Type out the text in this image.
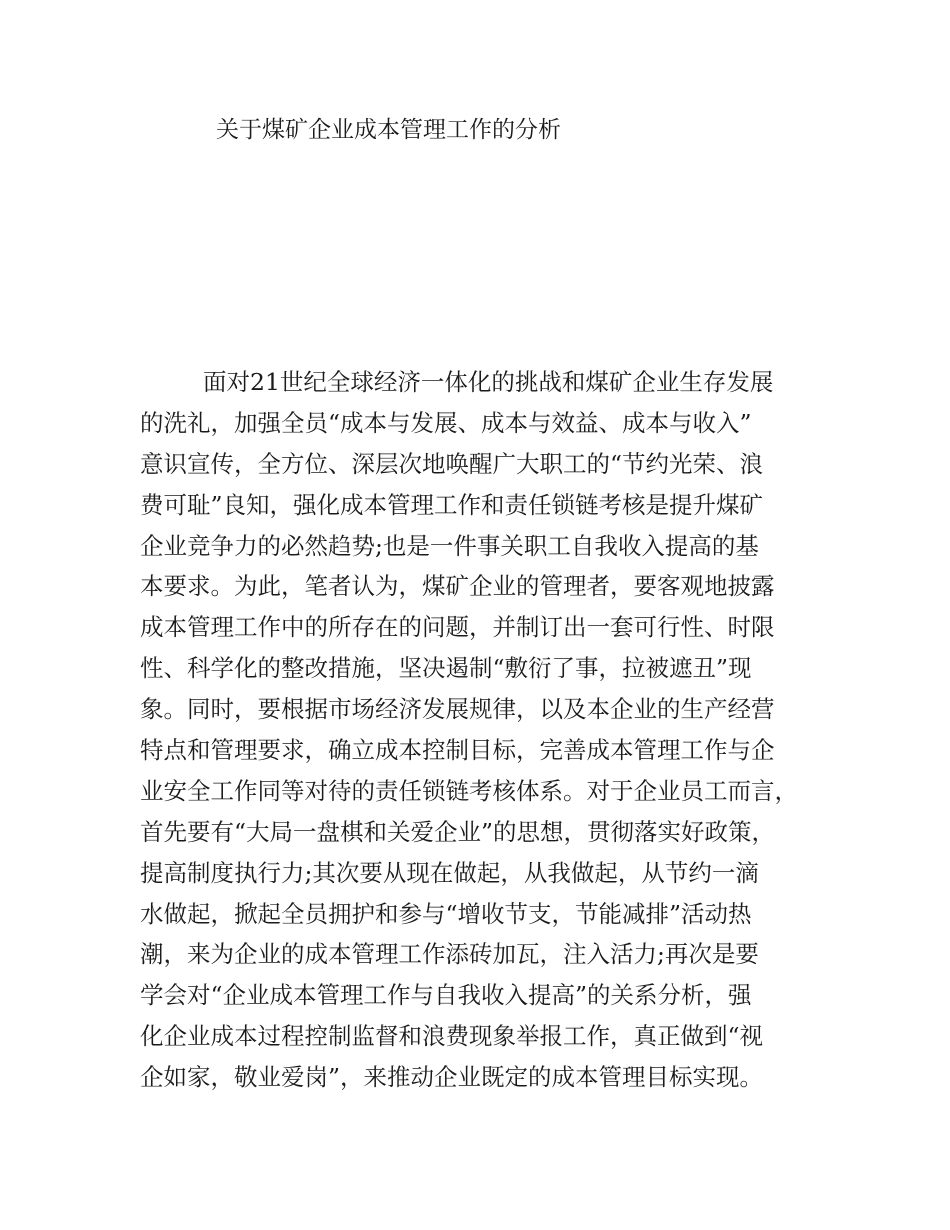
关于煤矿企业成本管理工作的分析
面对21世纪全球经济一体化的挑战和煤矿企业生存发展
的洗礼，加强全员“成本与发展、成本与效益、成本与收入”
意识宣传，全方位、深层次地唤醒广大职工的“节约光荣、浪
费可耻”良知，强化成本管理工作和责任锁链考核是提升煤矿
企业竞争力的必然趋势;也是一件事关职工自我收入提高的基
本要求。为此，笔者认为，煤矿企业的管理者，要客观地披露
成本管理工作中的所存在的问题，并制订出一套可行性、时限
性、科学化的整改措施，坚决遏制“敷衍了事，拉被遮丑”现
象。同时，要根据市场经济发展规律，以及本企业的生产经营
特点和管理要求，确立成本控制目标，完善成本管理工作与企
业安全工作同等对待的责任锁链考核体系。对于企业员工而言，
首先要有“大局一盘棋和关爱企业”的思想，贯彻落实好政策，
提高制度执行力;其次要从现在做起，从我做起，从节约一滴
水做起，掀起全员拥护和参与“增收节支，节能减排”活动热
潮，来为企业的成本管理工作添砖加瓦，注入活力;再次是要
学会对“企业成本管理工作与自我收入提高”的关系分析，强
化企业成本过程控制监督和浪费现象举报工作，真正做到“视
企如家，敬业爱岗”，来推动企业既定的成本管理目标实现。
